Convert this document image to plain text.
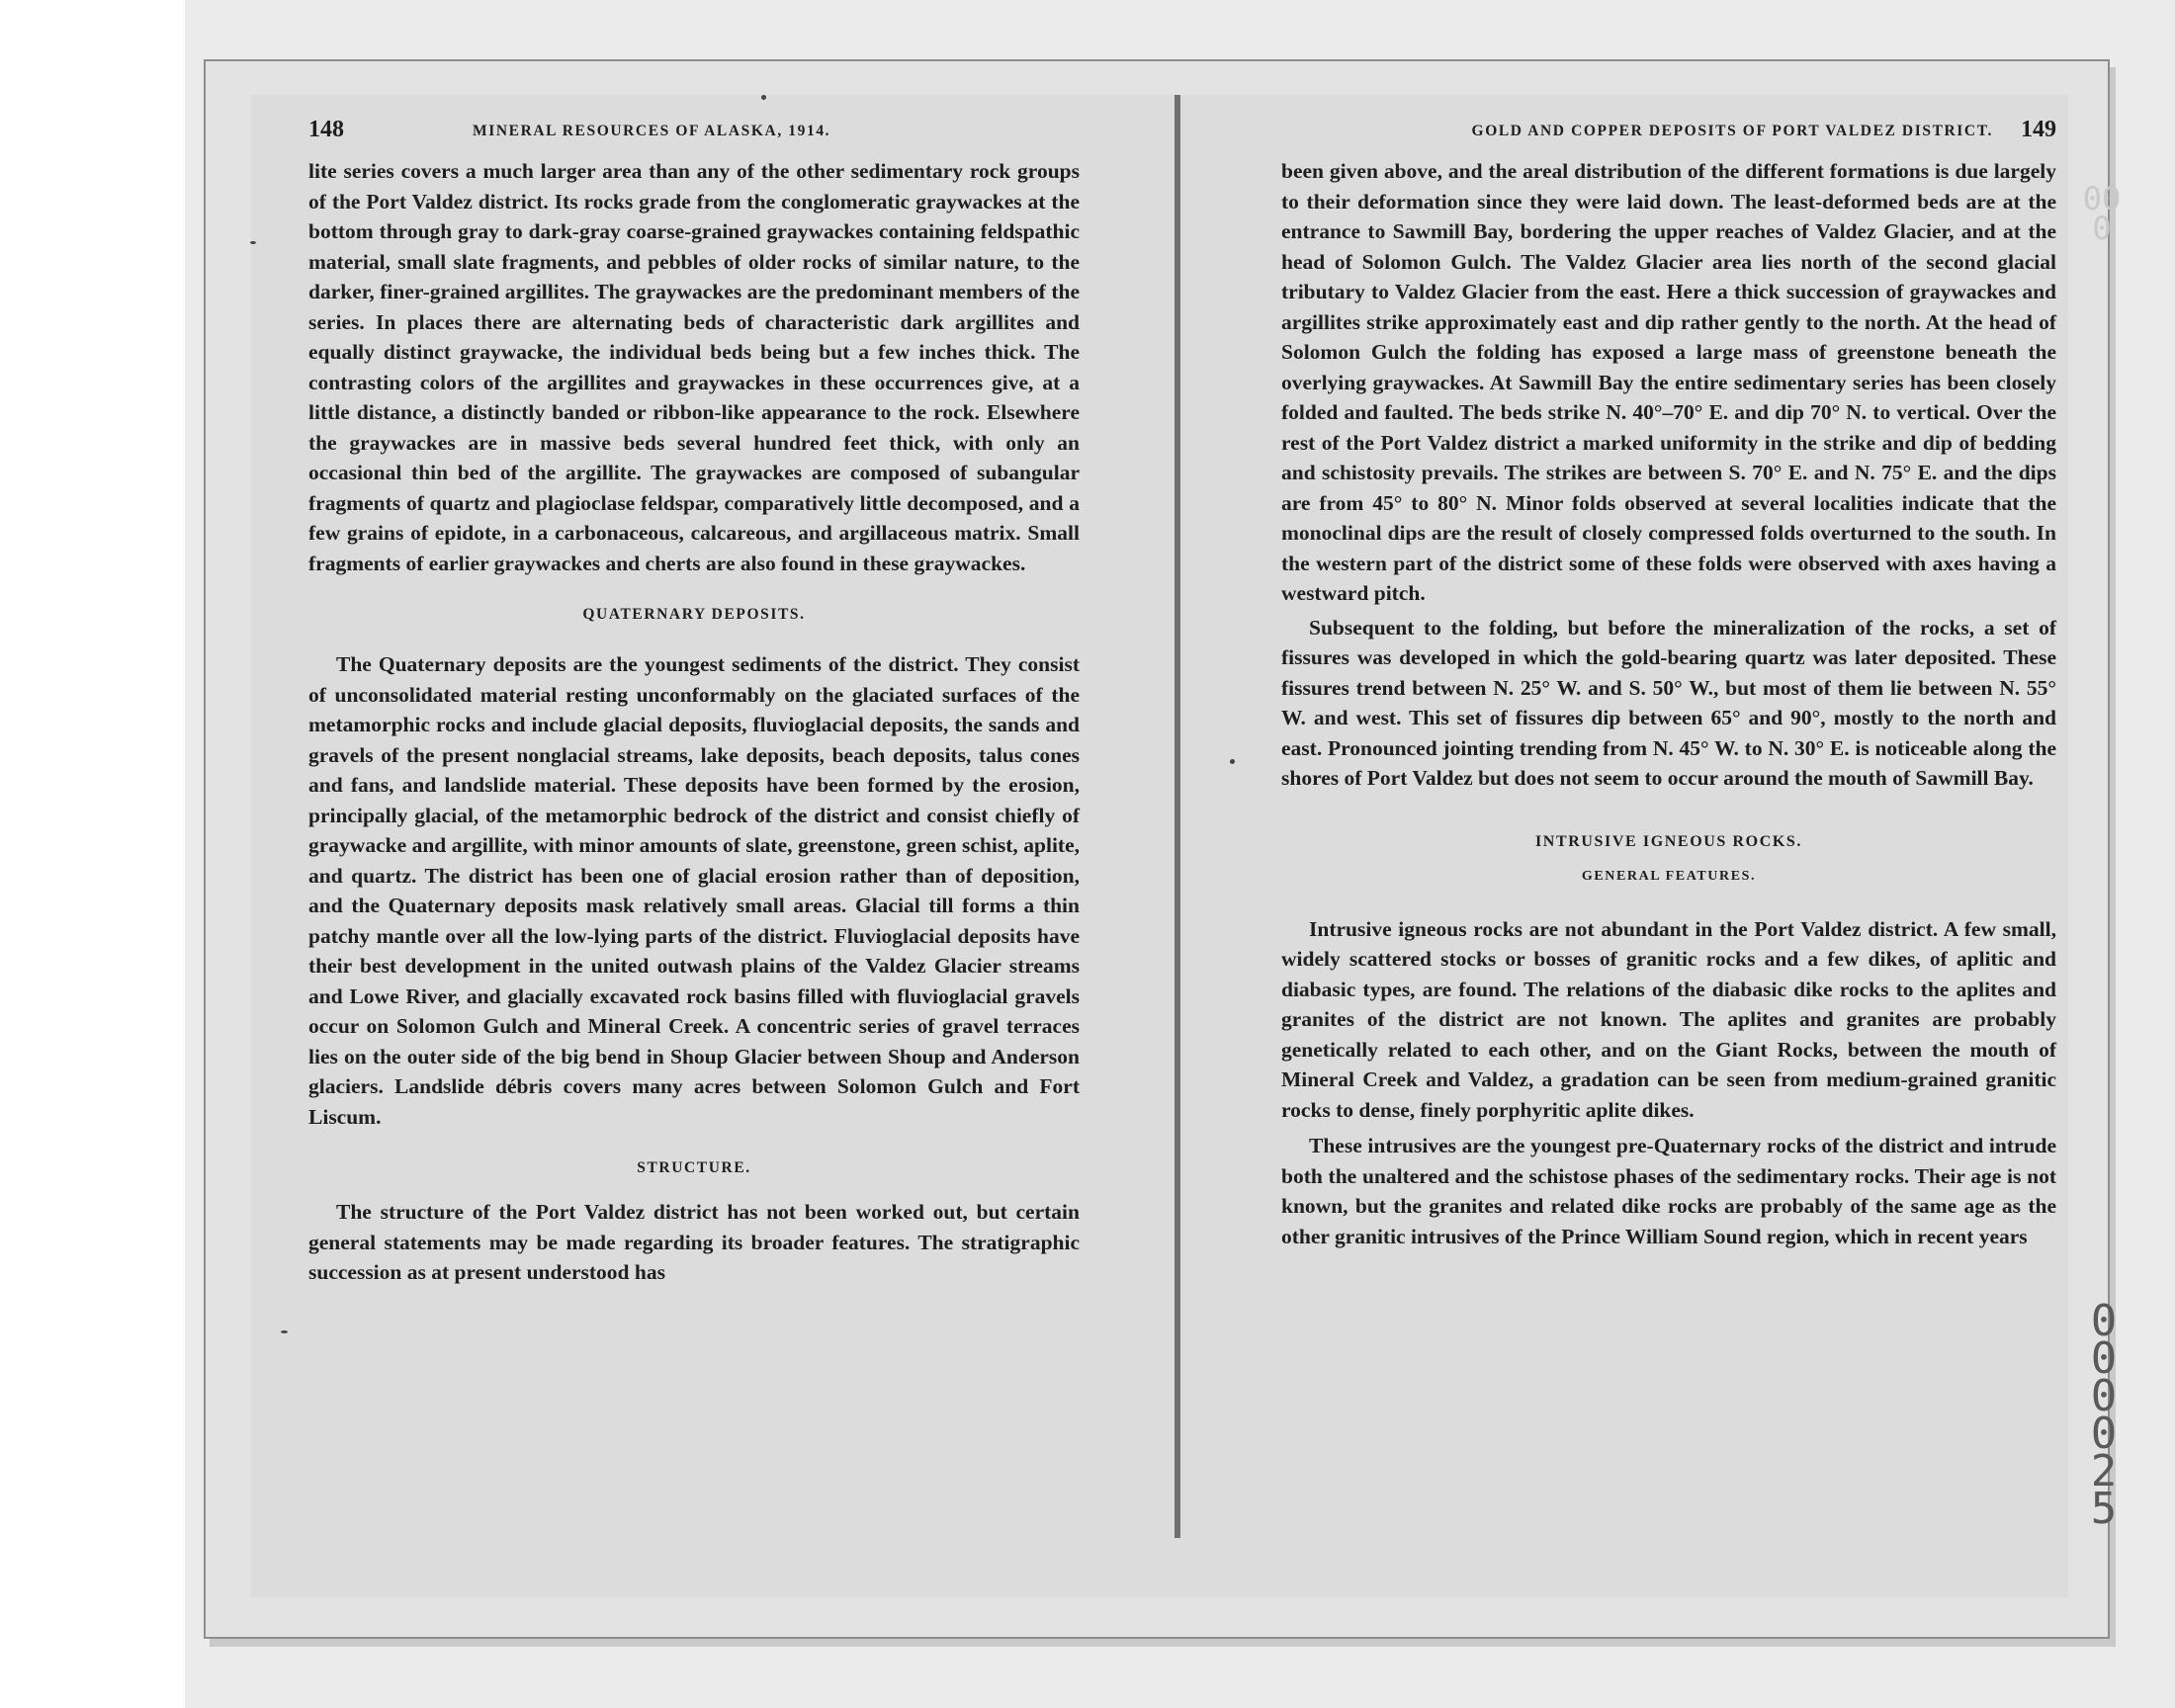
148	MINERAL RESOURCES OF ALASKA, 1914.

lite series covers a much larger area than any of the other sedimentary rock groups of the Port Valdez district. Its rocks grade from the conglomeratic graywackes at the bottom through gray to dark-gray coarse-grained graywackes containing feldspathic material, small slate fragments, and pebbles of older rocks of similar nature, to the darker, finer-grained argillites. The graywackes are the predominant members of the series. In places there are alternating beds of characteristic dark argillites and equally distinct graywacke, the individual beds being but a few inches thick. The contrasting colors of the argillites and graywackes in these occurrences give, at a little distance, a distinctly banded or ribbon-like appearance to the rock. Elsewhere the graywackes are in massive beds several hundred feet thick, with only an occasional thin bed of the argillite. The graywackes are composed of subangular fragments of quartz and plagioclase feldspar, comparatively little decomposed, and a few grains of epidote, in a carbonaceous, calcareous, and argillaceous matrix. Small fragments of earlier graywackes and cherts are also found in these graywackes.

QUATERNARY DEPOSITS.

The Quaternary deposits are the youngest sediments of the district. They consist of unconsolidated material resting unconformably on the glaciated surfaces of the metamorphic rocks and include glacial deposits, fluvioglacial deposits, the sands and gravels of the present nonglacial streams, lake deposits, beach deposits, talus cones and fans, and landslide material. These deposits have been formed by the erosion, principally glacial, of the metamorphic bedrock of the district and consist chiefly of graywacke and argillite, with minor amounts of slate, greenstone, green schist, aplite, and quartz. The district has been one of glacial erosion rather than of deposition, and the Quaternary deposits mask relatively small areas. Glacial till forms a thin patchy mantle over all the low-lying parts of the district. Fluvioglacial deposits have their best development in the united outwash plains of the Valdez Glacier streams and Lowe River, and glacially excavated rock basins filled with fluvioglacial gravels occur on Solomon Gulch and Mineral Creek. A concentric series of gravel terraces lies on the outer side of the big bend in Shoup Glacier between Shoup and Anderson glaciers. Landslide débris covers many acres between Solomon Gulch and Fort Liscum.

STRUCTURE.

The structure of the Port Valdez district has not been worked out, but certain general statements may be made regarding its broader features. The stratigraphic succession as at present understood has

GOLD AND COPPER DEPOSITS OF PORT VALDEZ DISTRICT. 149

been given above, and the areal distribution of the different formations is due largely to their deformation since they were laid down. The least-deformed beds are at the entrance to Sawmill Bay, bordering the upper reaches of Valdez Glacier, and at the head of Solomon Gulch. The Valdez Glacier area lies north of the second glacial tributary to Valdez Glacier from the east. Here a thick succession of graywackes and argillites strike approximately east and dip rather gently to the north. At the head of Solomon Gulch the folding has exposed a large mass of greenstone beneath the overlying graywackes. At Sawmill Bay the entire sedimentary series has been closely folded and faulted. The beds strike N. 40°–70° E. and dip 70° N. to vertical. Over the rest of the Port Valdez district a marked uniformity in the strike and dip of bedding and schistosity prevails. The strikes are between S. 70° E. and N. 75° E. and the dips are from 45° to 80° N. Minor folds observed at several localities indicate that the monoclinal dips are the result of closely compressed folds overturned to the south. In the western part of the district some of these folds were observed with axes having a westward pitch.

Subsequent to the folding, but before the mineralization of the rocks, a set of fissures was developed in which the gold-bearing quartz was later deposited. These fissures trend between N. 25° W. and S. 50° W., but most of them lie between N. 55° W. and west. This set of fissures dip between 65° and 90°, mostly to the north and east. Pronounced jointing trending from N. 45° W. to N. 30° E. is noticeable along the shores of Port Valdez but does not seem to occur around the mouth of Sawmill Bay.

INTRUSIVE IGNEOUS ROCKS.

GENERAL FEATURES.

Intrusive igneous rocks are not abundant in the Port Valdez district. A few small, widely scattered stocks or bosses of granitic rocks and a few dikes, of aplitic and diabasic types, are found. The relations of the diabasic dike rocks to the aplites and granites of the district are not known. The aplites and granites are probably genetically related to each other, and on the Giant Rocks, between the mouth of Mineral Creek and Valdez, a gradation can be seen from medium-grained granitic rocks to dense, finely porphyritic aplite dikes.

These intrusives are the youngest pre-Quaternary rocks of the district and intrude both the unaltered and the schistose phases of the sedimentary rocks. Their age is not known, but the granites and related dike rocks are probably of the same age as the other granitic intrusives of the Prince William Sound region, which in recent years

000
000025
